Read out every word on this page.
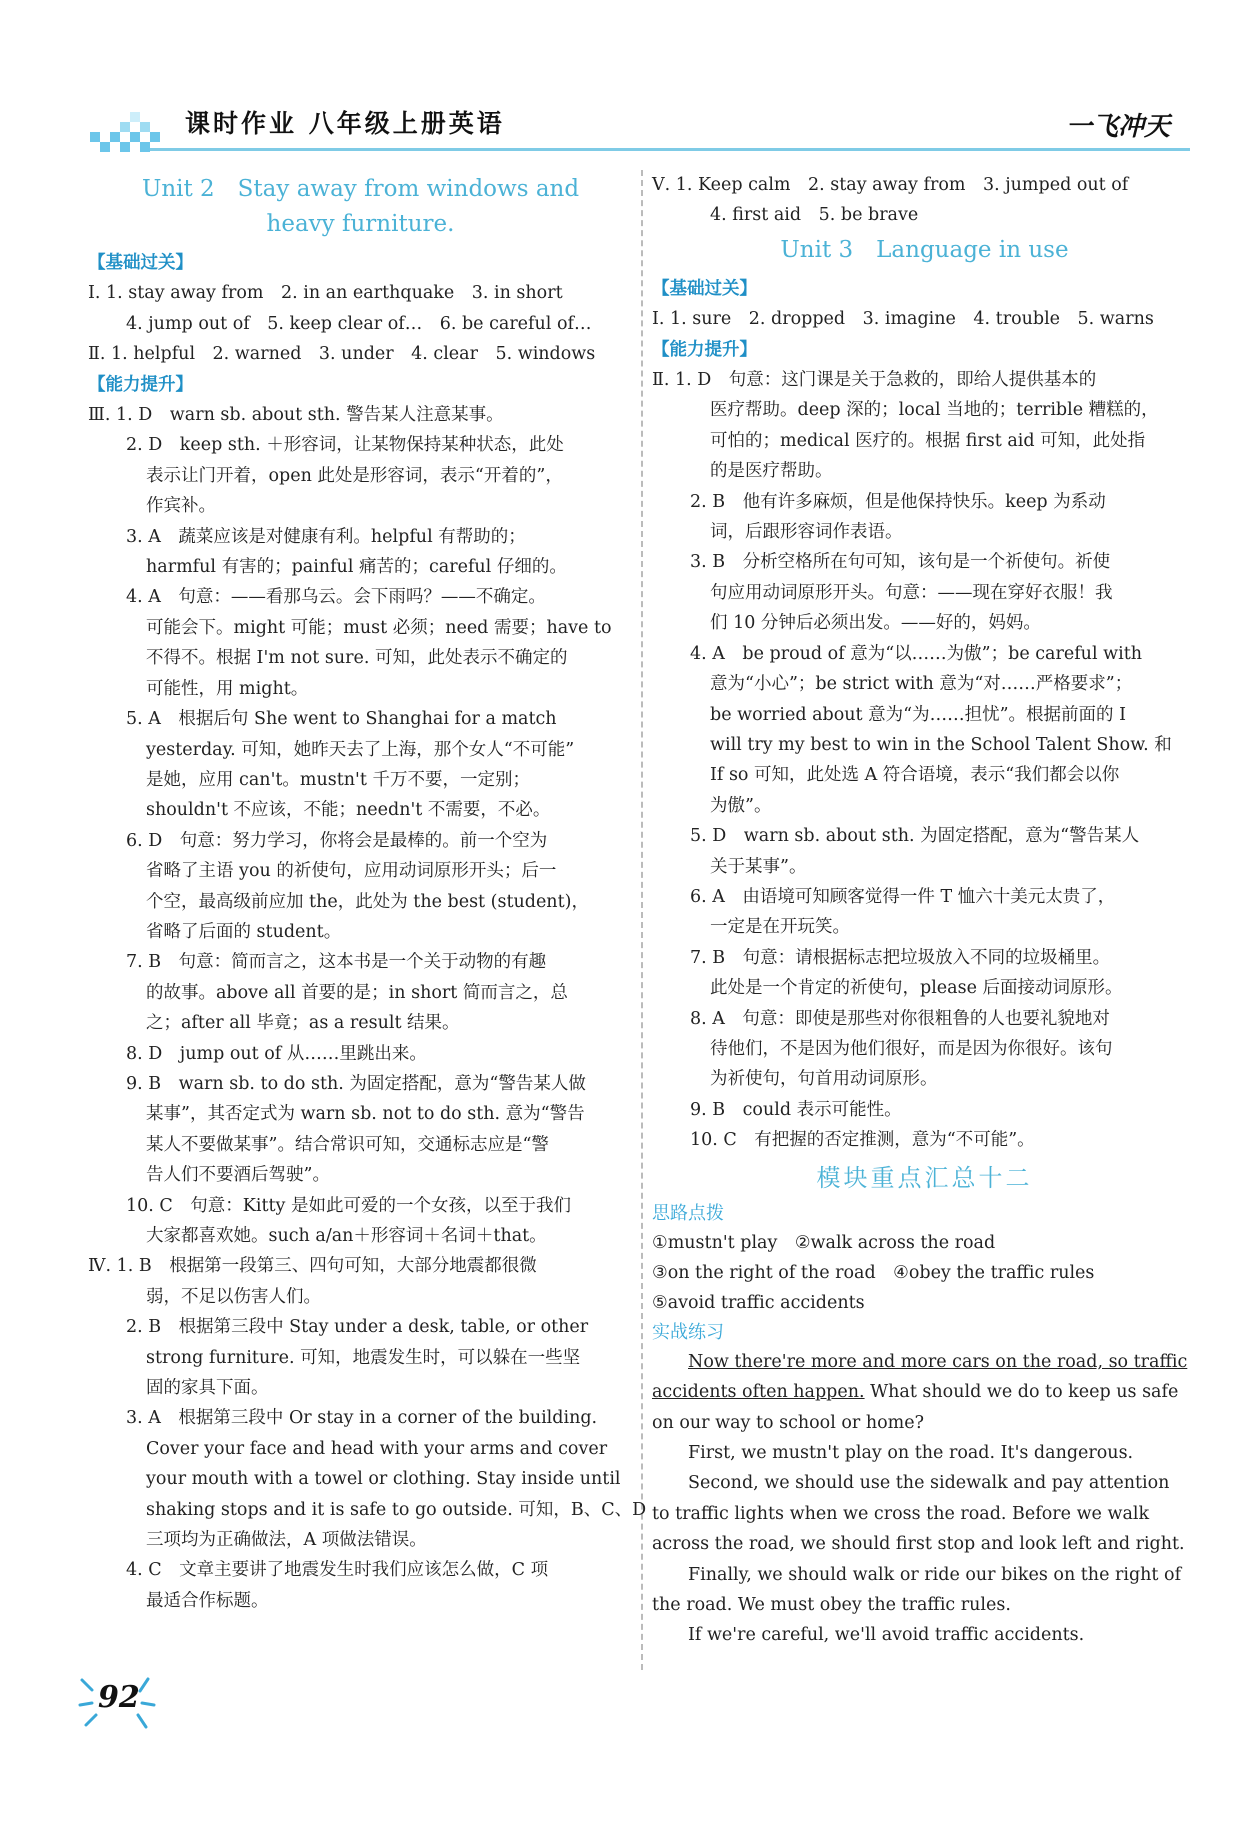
课时作业 八年级上册英语	一飞冲天
Unit 2　Stay away from windows and
heavy furniture.
【基础过关】
Ⅰ. 1. stay away from　2. in an earthquake　3. in short
4. jump out of　5. keep clear of…　6. be careful of…
Ⅱ. 1. helpful　2. warned　3. under　4. clear　5. windows
【能力提升】
Ⅲ. 1. D　warn sb. about sth. 警告某人注意某事。
2. D　keep sth. ＋形容词，让某物保持某种状态，此处
表示让门开着，open 此处是形容词，表示“开着的”，
作宾补。
3. A　蔬菜应该是对健康有利。helpful 有帮助的；
harmful 有害的；painful 痛苦的；careful 仔细的。
4. A　句意：——看那乌云。会下雨吗？——不确定。
可能会下。might 可能；must 必须；need 需要；have to
不得不。根据 I'm not sure. 可知，此处表示不确定的
可能性，用 might。
5. A　根据后句 She went to Shanghai for a match
yesterday. 可知，她昨天去了上海，那个女人“不可能”
是她，应用 can't。mustn't 千万不要，一定别；
shouldn't 不应该，不能；needn't 不需要，不必。
6. D　句意：努力学习，你将会是最棒的。前一个空为
省略了主语 you 的祈使句，应用动词原形开头；后一
个空，最高级前应加 the，此处为 the best (student)，
省略了后面的 student。
7. B　句意：简而言之，这本书是一个关于动物的有趣
的故事。above all 首要的是；in short 简而言之，总
之；after all 毕竟；as a result 结果。
8. D　jump out of 从……里跳出来。
9. B　warn sb. to do sth. 为固定搭配，意为“警告某人做
某事”，其否定式为 warn sb. not to do sth. 意为“警告
某人不要做某事”。结合常识可知，交通标志应是“警
告人们不要酒后驾驶”。
10. C　句意：Kitty 是如此可爱的一个女孩，以至于我们
大家都喜欢她。such a/an＋形容词＋名词＋that。
Ⅳ. 1. B　根据第一段第三、四句可知，大部分地震都很微
弱，不足以伤害人们。
2. B　根据第三段中 Stay under a desk, table, or other
strong furniture. 可知，地震发生时，可以躲在一些坚
固的家具下面。
3. A　根据第三段中 Or stay in a corner of the building.
Cover your face and head with your arms and cover
your mouth with a towel or clothing. Stay inside until
shaking stops and it is safe to go outside. 可知，B、C、D
三项均为正确做法，A 项做法错误。
4. C　文章主要讲了地震发生时我们应该怎么做，C 项
最适合作标题。
Ⅴ. 1. Keep calm　2. stay away from　3. jumped out of
4. first aid　5. be brave
Unit 3　Language in use
【基础过关】
Ⅰ. 1. sure　2. dropped　3. imagine　4. trouble　5. warns
【能力提升】
Ⅱ. 1. D　句意：这门课是关于急救的，即给人提供基本的
医疗帮助。deep 深的；local 当地的；terrible 糟糕的，
可怕的；medical 医疗的。根据 first aid 可知，此处指
的是医疗帮助。
2. B　他有许多麻烦，但是他保持快乐。keep 为系动
词，后跟形容词作表语。
3. B　分析空格所在句可知，该句是一个祈使句。祈使
句应用动词原形开头。句意：——现在穿好衣服！我
们 10 分钟后必须出发。——好的，妈妈。
4. A　be proud of 意为“以……为傲”；be careful with
意为“小心”；be strict with 意为“对……严格要求”；
be worried about 意为“为……担忧”。根据前面的 I
will try my best to win in the School Talent Show. 和
If so 可知，此处选 A 符合语境，表示“我们都会以你
为傲”。
5. D　warn sb. about sth. 为固定搭配，意为“警告某人
关于某事”。
6. A　由语境可知顾客觉得一件 T 恤六十美元太贵了，
一定是在开玩笑。
7. B　句意：请根据标志把垃圾放入不同的垃圾桶里。
此处是一个肯定的祈使句，please 后面接动词原形。
8. A　句意：即使是那些对你很粗鲁的人也要礼貌地对
待他们，不是因为他们很好，而是因为你很好。该句
为祈使句，句首用动词原形。
9. B　could 表示可能性。
10. C　有把握的否定推测，意为“不可能”。
模块重点汇总十二
思路点拨
①mustn't play　②walk across the road
③on the right of the road　④obey the traffic rules
⑤avoid traffic accidents
实战练习
Now there're more and more cars on the road, so traffic
accidents often happen. What should we do to keep us safe
on our way to school or home?
First, we mustn't play on the road. It's dangerous.
Second, we should use the sidewalk and pay attention
to traffic lights when we cross the road. Before we walk
across the road, we should first stop and look left and right.
Finally, we should walk or ride our bikes on the right of
the road. We must obey the traffic rules.
If we're careful, we'll avoid traffic accidents.
92
